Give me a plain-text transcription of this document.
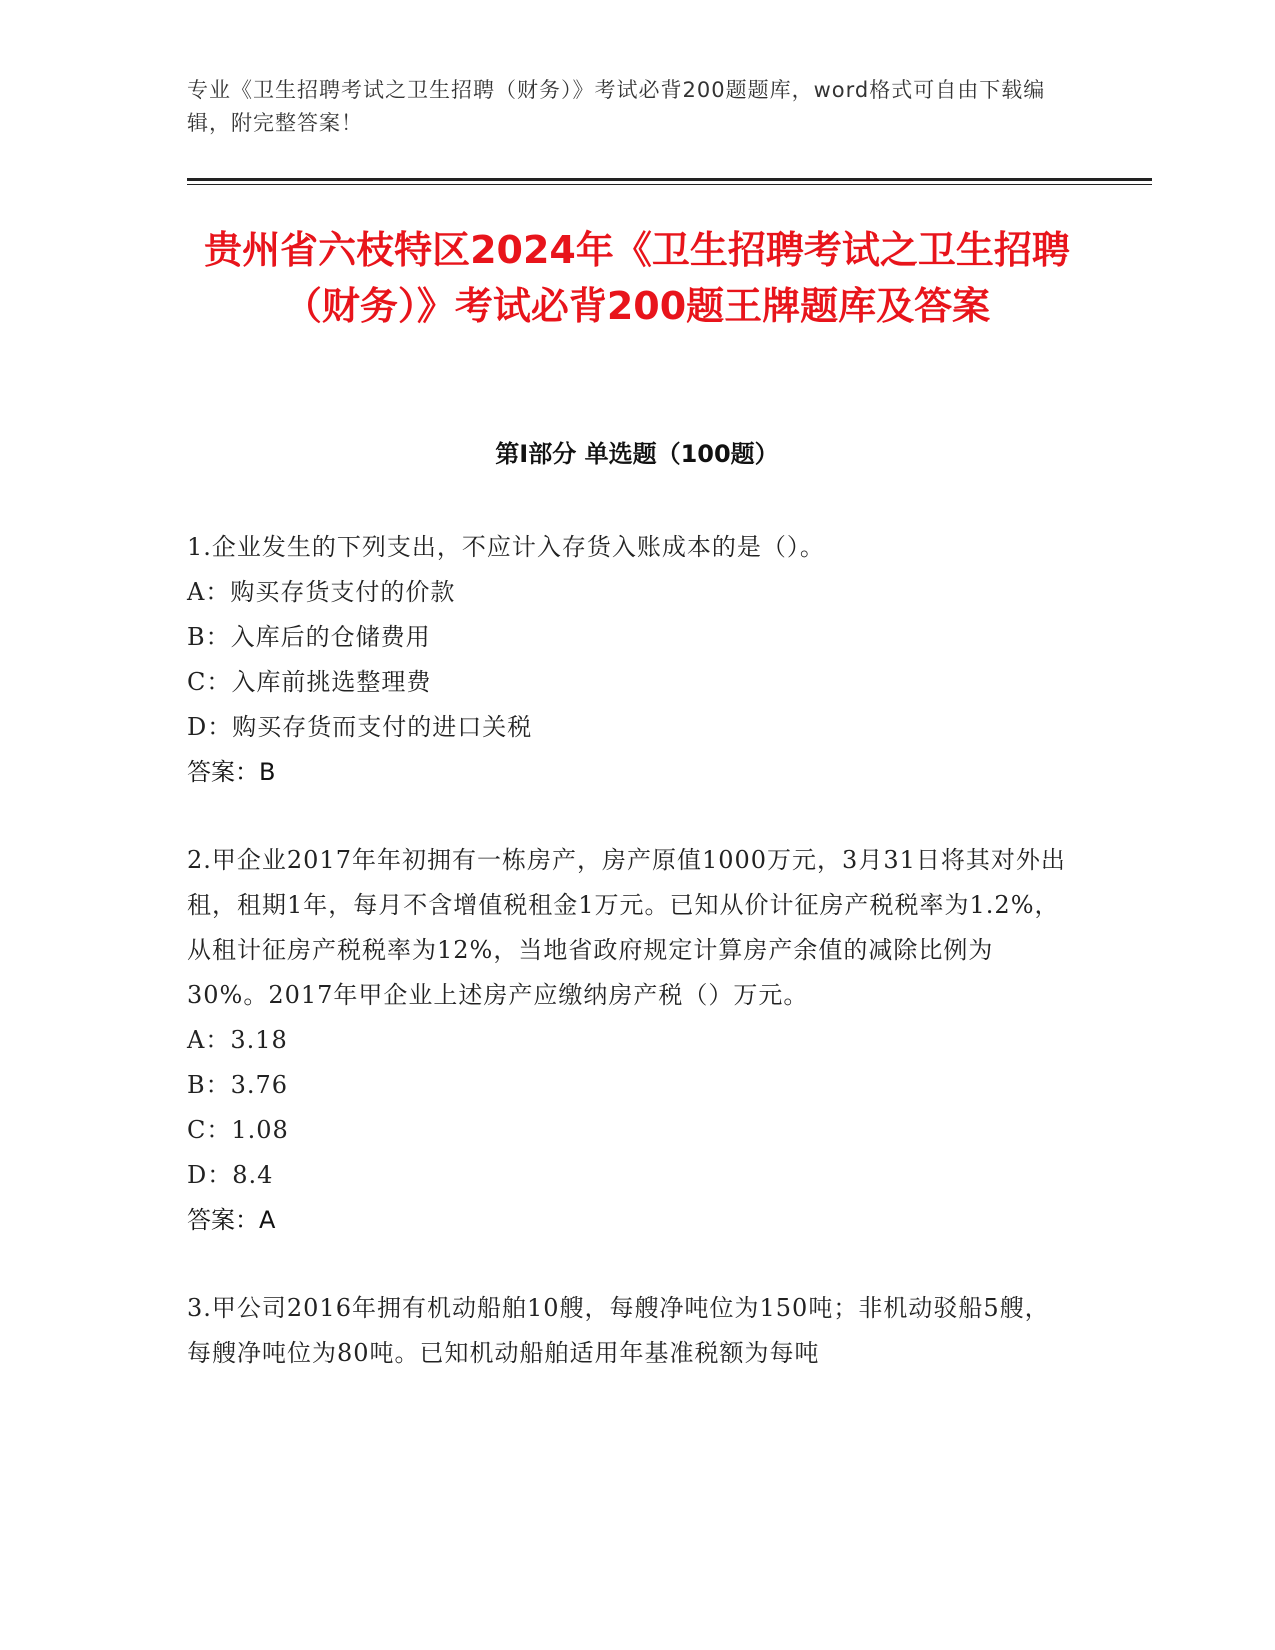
专业《卫生招聘考试之卫生招聘（财务）》考试必背200题题库，word格式可自由下载编辑，附完整答案！
贵州省六枝特区2024年《卫生招聘考试之卫生招聘（财务）》考试必背200题王牌题库及答案
第I部分 单选题（100题）
1.企业发生的下列支出，不应计入存货入账成本的是（）。
A：购买存货支付的价款
B：入库后的仓储费用
C：入库前挑选整理费
D：购买存货而支付的进口关税
答案：B
2.甲企业2017年年初拥有一栋房产，房产原值1000万元，3月31日将其对外出租，租期1年，每月不含增值税租金1万元。已知从价计征房产税税率为1.2%，从租计征房产税税率为12%，当地省政府规定计算房产余值的减除比例为30%。2017年甲企业上述房产应缴纳房产税（）万元。
A：3.18
B：3.76
C：1.08
D：8.4
答案：A
3.甲公司2016年拥有机动船舶10艘，每艘净吨位为150吨；非机动驳船5艘，每艘净吨位为80吨。已知机动船舶适用年基准税额为每吨
